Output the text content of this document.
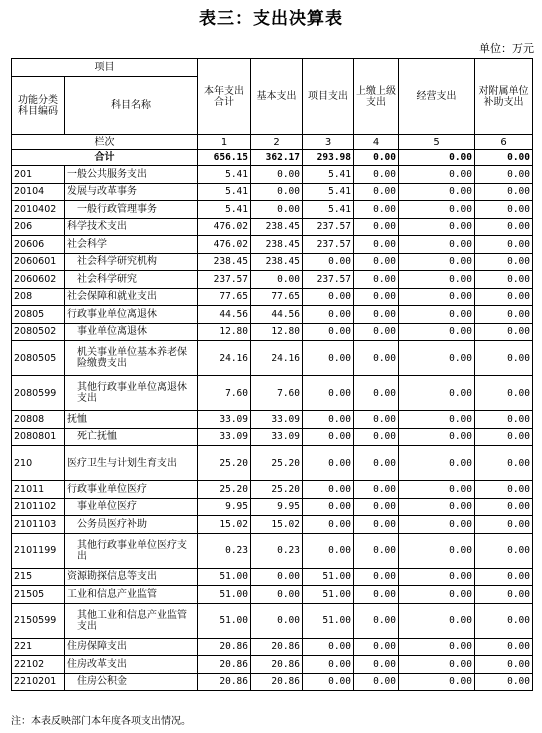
表三：支出决算表
单位：万元
项目		本年支出合计	基本支出	项目支出	上缴上级支出	经营支出	对附属单位补助支出
功能分类科目编码	科目名称						
栏次		1	2	3	4	5	6
合计		656.15	362.17	293.98	0.00	0.00	0.00
201	一般公共服务支出	5.41	0.00	5.41	0.00	0.00	0.00
20104	发展与改革事务	5.41	0.00	5.41	0.00	0.00	0.00
2010402	一般行政管理事务	5.41	0.00	5.41	0.00	0.00	0.00
206	科学技术支出	476.02	238.45	237.57	0.00	0.00	0.00
20606	社会科学	476.02	238.45	237.57	0.00	0.00	0.00
2060601	社会科学研究机构	238.45	238.45	0.00	0.00	0.00	0.00
2060602	社会科学研究	237.57	0.00	237.57	0.00	0.00	0.00
208	社会保障和就业支出	77.65	77.65	0.00	0.00	0.00	0.00
20805	行政事业单位离退休	44.56	44.56	0.00	0.00	0.00	0.00
2080502	事业单位离退休	12.80	12.80	0.00	0.00	0.00	0.00
2080505	机关事业单位基本养老保险缴费支出	24.16	24.16	0.00	0.00	0.00	0.00
2080599	其他行政事业单位离退休支出	7.60	7.60	0.00	0.00	0.00	0.00
20808	抚恤	33.09	33.09	0.00	0.00	0.00	0.00
2080801	死亡抚恤	33.09	33.09	0.00	0.00	0.00	0.00
210	医疗卫生与计划生育支出	25.20	25.20	0.00	0.00	0.00	0.00
21011	行政事业单位医疗	25.20	25.20	0.00	0.00	0.00	0.00
2101102	事业单位医疗	9.95	9.95	0.00	0.00	0.00	0.00
2101103	公务员医疗补助	15.02	15.02	0.00	0.00	0.00	0.00
2101199	其他行政事业单位医疗支出	0.23	0.23	0.00	0.00	0.00	0.00
215	资源勘探信息等支出	51.00	0.00	51.00	0.00	0.00	0.00
21505	工业和信息产业监管	51.00	0.00	51.00	0.00	0.00	0.00
2150599	其他工业和信息产业监管支出	51.00	0.00	51.00	0.00	0.00	0.00
221	住房保障支出	20.86	20.86	0.00	0.00	0.00	0.00
22102	住房改革支出	20.86	20.86	0.00	0.00	0.00	0.00
2210201	住房公积金	20.86	20.86	0.00	0.00	0.00	0.00
注：本表反映部门本年度各项支出情况。
